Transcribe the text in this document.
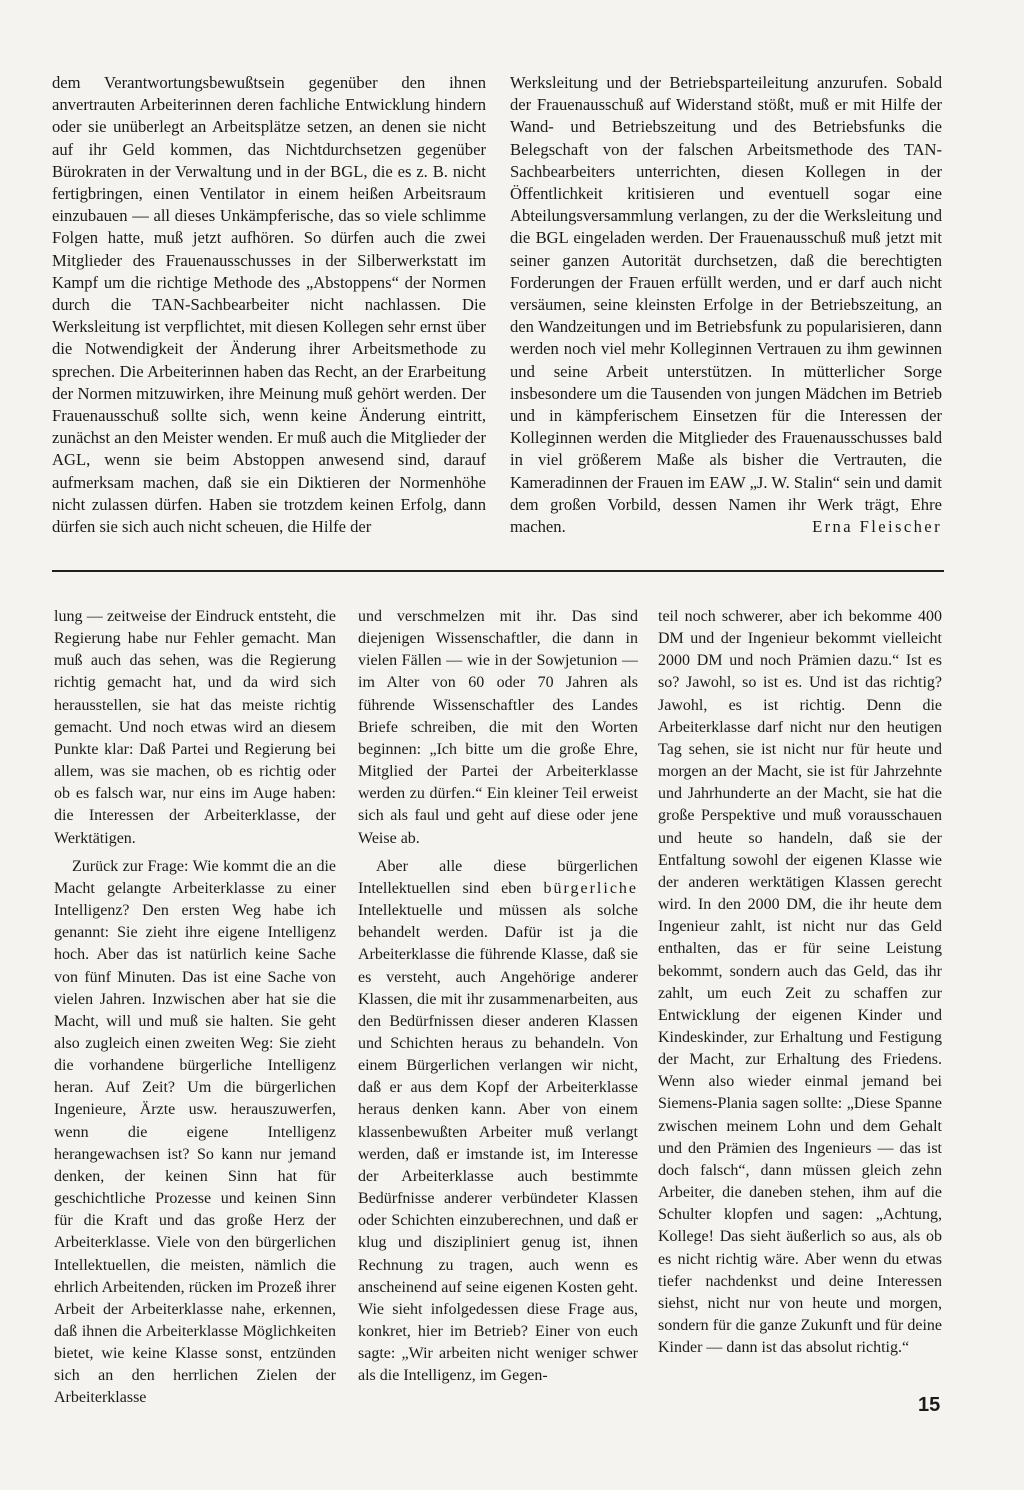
dem Verantwortungsbewußtsein gegenüber den ihnen anvertrauten Arbeiterinnen deren fachliche Entwicklung hindern oder sie unüberlegt an Arbeitsplätze setzen, an denen sie nicht auf ihr Geld kommen, das Nichtdurchsetzen gegenüber Bürokraten in der Verwaltung und in der BGL, die es z. B. nicht fertigbringen, einen Ventilator in einem heißen Arbeitsraum einzubauen — all dieses Unkämpferische, das so viele schlimme Folgen hatte, muß jetzt aufhören. So dürfen auch die zwei Mitglieder des Frauenausschusses in der Silberwerkstatt im Kampf um die richtige Methode des „Abstoppens“ der Normen durch die TAN-Sachbearbeiter nicht nachlassen. Die Werksleitung ist verpflichtet, mit diesen Kollegen sehr ernst über die Notwendigkeit der Änderung ihrer Arbeitsmethode zu sprechen. Die Arbeiterinnen haben das Recht, an der Erarbeitung der Normen mitzuwirken, ihre Meinung muß gehört werden. Der Frauenausschuß sollte sich, wenn keine Änderung eintritt, zunächst an den Meister wenden. Er muß auch die Mitglieder der AGL, wenn sie beim Abstoppen anwesend sind, darauf aufmerksam machen, daß sie ein Diktieren der Normenhöhe nicht zulassen dürfen. Haben sie trotzdem keinen Erfolg, dann dürfen sie sich auch nicht scheuen, die Hilfe der

Werksleitung und der Betriebsparteileitung anzurufen. Sobald der Frauenausschuß auf Widerstand stößt, muß er mit Hilfe der Wand- und Betriebszeitung und des Betriebsfunks die Belegschaft von der falschen Arbeitsmethode des TAN-Sachbearbeiters unterrichten, diesen Kollegen in der Öffentlichkeit kritisieren und eventuell sogar eine Abteilungsversammlung verlangen, zu der die Werksleitung und die BGL eingeladen werden. Der Frauenausschuß muß jetzt mit seiner ganzen Autorität durchsetzen, daß die berechtigten Forderungen der Frauen erfüllt werden, und er darf auch nicht versäumen, seine kleinsten Erfolge in der Betriebszeitung, an den Wandzeitungen und im Betriebsfunk zu popularisieren, dann werden noch viel mehr Kolleginnen Vertrauen zu ihm gewinnen und seine Arbeit unterstützen. In mütterlicher Sorge insbesondere um die Tausenden von jungen Mädchen im Betrieb und in kämpferischem Einsetzen für die Interessen der Kolleginnen werden die Mitglieder des Frauenausschusses bald in viel größerem Maße als bisher die Vertrauten, die Kameradinnen der Frauen im EAW „J. W. Stalin“ sein und damit dem großen Vorbild, dessen Namen ihr Werk trägt, Ehre machen.	Erna Fleischer

lung — zeitweise der Eindruck entsteht, die Regierung habe nur Fehler gemacht. Man muß auch das sehen, was die Regierung richtig gemacht hat, und da wird sich herausstellen, sie hat das meiste richtig gemacht. Und noch etwas wird an diesem Punkte klar: Daß Partei und Regierung bei allem, was sie machen, ob es richtig oder ob es falsch war, nur eins im Auge haben: die Interessen der Arbeiterklasse, der Werktätigen.

Zurück zur Frage: Wie kommt die an die Macht gelangte Arbeiterklasse zu einer Intelligenz? Den ersten Weg habe ich genannt: Sie zieht ihre eigene Intelligenz hoch. Aber das ist natürlich keine Sache von fünf Minuten. Das ist eine Sache von vielen Jahren. Inzwischen aber hat sie die Macht, will und muß sie halten. Sie geht also zugleich einen zweiten Weg: Sie zieht die vorhandene bürgerliche Intelligenz heran. Auf Zeit? Um die bürgerlichen Ingenieure, Ärzte usw. herauszuwerfen, wenn die eigene Intelligenz herangewachsen ist? So kann nur jemand denken, der keinen Sinn hat für geschichtliche Prozesse und keinen Sinn für die Kraft und das große Herz der Arbeiterklasse. Viele von den bürgerlichen Intellektuellen, die meisten, nämlich die ehrlich Arbeitenden, rücken im Prozeß ihrer Arbeit der Arbeiterklasse nahe, erkennen, daß ihnen die Arbeiterklasse Möglichkeiten bietet, wie keine Klasse sonst, entzünden sich an den herrlichen Zielen der Arbeiterklasse

und verschmelzen mit ihr. Das sind diejenigen Wissenschaftler, die dann in vielen Fällen — wie in der Sowjetunion — im Alter von 60 oder 70 Jahren als führende Wissenschaftler des Landes Briefe schreiben, die mit den Worten beginnen: „Ich bitte um die große Ehre, Mitglied der Partei der Arbeiterklasse werden zu dürfen.“ Ein kleiner Teil erweist sich als faul und geht auf diese oder jene Weise ab.

Aber alle diese bürgerlichen Intellektuellen sind eben bürgerliche Intellektuelle und müssen als solche behandelt werden. Dafür ist ja die Arbeiterklasse die führende Klasse, daß sie es versteht, auch Angehörige anderer Klassen, die mit ihr zusammenarbeiten, aus den Bedürfnissen dieser anderen Klassen und Schichten heraus zu behandeln. Von einem Bürgerlichen verlangen wir nicht, daß er aus dem Kopf der Arbeiterklasse heraus denken kann. Aber von einem klassenbewußten Arbeiter muß verlangt werden, daß er imstande ist, im Interesse der Arbeiterklasse auch bestimmte Bedürfnisse anderer verbündeter Klassen oder Schichten einzuberechnen, und daß er klug und diszipliniert genug ist, ihnen Rechnung zu tragen, auch wenn es anscheinend auf seine eigenen Kosten geht. Wie sieht infolgedessen diese Frage aus, konkret, hier im Betrieb? Einer von euch sagte: „Wir arbeiten nicht weniger schwer als die Intelligenz, im Gegen-

teil noch schwerer, aber ich bekomme 400 DM und der Ingenieur bekommt vielleicht 2000 DM und noch Prämien dazu.“ Ist es so? Jawohl, so ist es. Und ist das richtig? Jawohl, es ist richtig. Denn die Arbeiterklasse darf nicht nur den heutigen Tag sehen, sie ist nicht nur für heute und morgen an der Macht, sie ist für Jahrzehnte und Jahrhunderte an der Macht, sie hat die große Perspektive und muß vorausschauen und heute so handeln, daß sie der Entfaltung sowohl der eigenen Klasse wie der anderen werktätigen Klassen gerecht wird. In den 2000 DM, die ihr heute dem Ingenieur zahlt, ist nicht nur das Geld enthalten, das er für seine Leistung bekommt, sondern auch das Geld, das ihr zahlt, um euch Zeit zu schaffen zur Entwicklung der eigenen Kinder und Kindeskinder, zur Erhaltung und Festigung der Macht, zur Erhaltung des Friedens. Wenn also wieder einmal jemand bei Siemens-Plania sagen sollte: „Diese Spanne zwischen meinem Lohn und dem Gehalt und den Prämien des Ingenieurs — das ist doch falsch“, dann müssen gleich zehn Arbeiter, die daneben stehen, ihm auf die Schulter klopfen und sagen: „Achtung, Kollege! Das sieht äußerlich so aus, als ob es nicht richtig wäre. Aber wenn du etwas tiefer nachdenkst und deine Interessen siehst, nicht nur von heute und morgen, sondern für die ganze Zukunft und für deine Kinder — dann ist das absolut richtig.“

15
